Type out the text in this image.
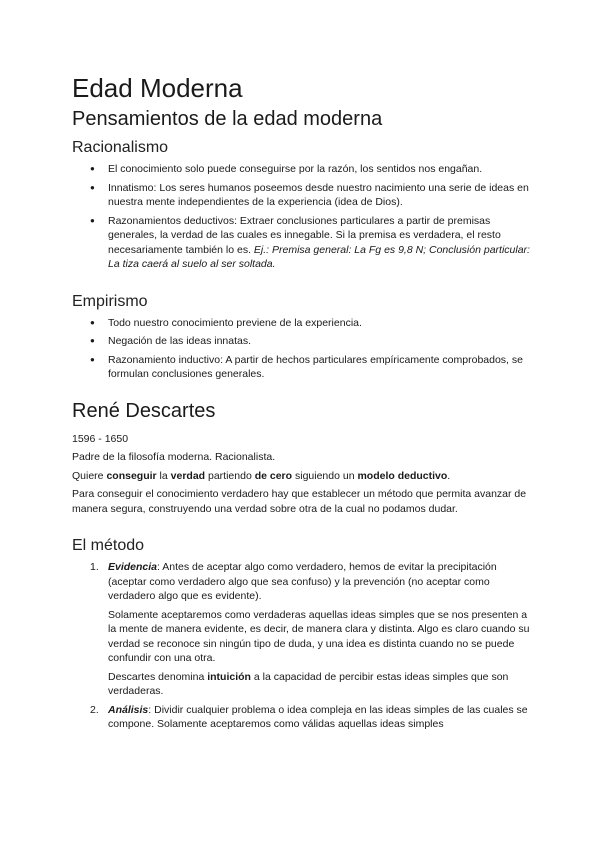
Edad Moderna
Pensamientos de la edad moderna
Racionalismo
● El conocimiento solo puede conseguirse por la razón, los sentidos nos engañan.
● Innatismo: Los seres humanos poseemos desde nuestro nacimiento una serie de ideas en nuestra mente independientes de la experiencia (idea de Dios).
● Razonamientos deductivos: Extraer conclusiones particulares a partir de premisas generales, la verdad de las cuales es innegable. Si la premisa es verdadera, el resto necesariamente también lo es. Ej.: Premisa general: La Fg es 9,8 N; Conclusión particular: La tiza caerá al suelo al ser soltada.
Empirismo
● Todo nuestro conocimiento previene de la experiencia.
● Negación de las ideas innatas.
● Razonamiento inductivo: A partir de hechos particulares empíricamente comprobados, se formulan conclusiones generales.
René Descartes

1596 - 1650

Padre de la filosofía moderna. Racionalista.

Quiere conseguir la verdad partiendo de cero siguiendo un modelo deductivo.

Para conseguir el conocimiento verdadero hay que establecer un método que permita avanzar de manera segura, construyendo una verdad sobre otra de la cual no podamos dudar.

El método
1. Evidencia: Antes de aceptar algo como verdadero, hemos de evitar la precipitación (aceptar como verdadero algo que sea confuso) y la prevención (no aceptar como verdadero algo que es evidente).

Solamente aceptaremos como verdaderas aquellas ideas simples que se nos presenten a la mente de manera evidente, es decir, de manera clara y distinta. Algo es claro cuando su verdad se reconoce sin ningún tipo de duda, y una idea es distinta cuando no se puede confundir con una otra.

Descartes denomina intuición a la capacidad de percibir estas ideas simples que son verdaderas.

2. Análisis: Dividir cualquier problema o idea compleja en las ideas simples de las cuales se compone. Solamente aceptaremos como válidas aquellas ideas simples
